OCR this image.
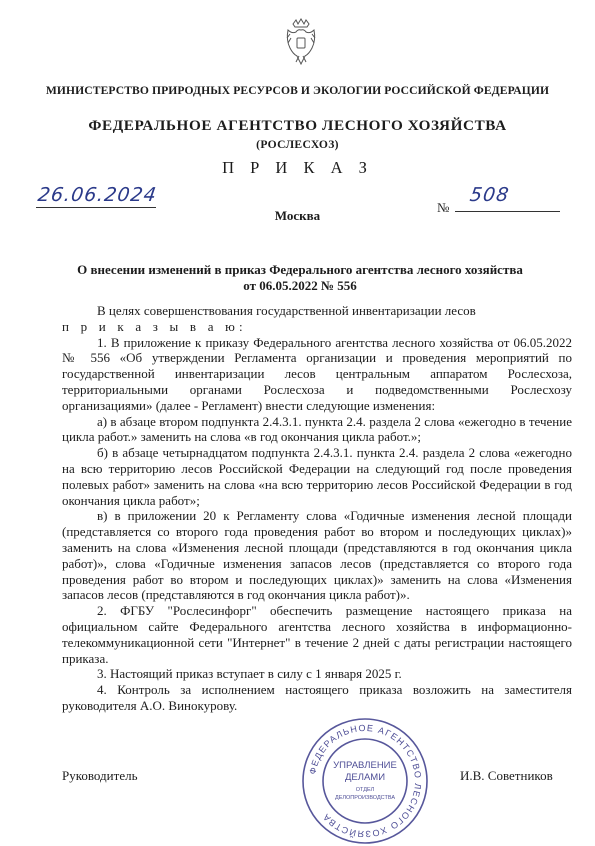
МИНИСТЕРСТВО ПРИРОДНЫХ РЕСУРСОВ И ЭКОЛОГИИ РОССИЙСКОЙ ФЕДЕРАЦИИ
ФЕДЕРАЛЬНОЕ АГЕНТСТВО ЛЕСНОГО ХОЗЯЙСТВА
(РОСЛЕСХОЗ)
П Р И К А З
26.06.2024
Москва
№
508
О внесении изменений в приказ Федерального агентства лесного хозяйства
от 06.05.2022 № 556

В целях совершенствования государственной инвентаризации лесов

п р и к а з ы в а ю:

1. В приложение к приказу Федерального агентства лесного хозяйства от 06.05.2022 № 556 «Об утверждении Регламента организации и проведения мероприятий по государственной инвентаризации лесов центральным аппаратом Рослесхоза, территориальными органами Рослесхоза и подведомственными Рослесхозу организациями» (далее - Регламент) внести следующие изменения:

а) в абзаце втором подпункта 2.4.3.1. пункта 2.4. раздела 2 слова «ежегодно в течение цикла работ.» заменить на слова «в год окончания цикла работ.»;

б) в абзаце четырнадцатом подпункта 2.4.3.1. пункта 2.4. раздела 2 слова «ежегодно на всю территорию лесов Российской Федерации на следующий год после проведения полевых работ» заменить на слова «на всю территорию лесов Российской Федерации в год окончания цикла работ»;

в) в приложении 20 к Регламенту слова «Годичные изменения лесной площади (представляется со второго года проведения работ во втором и последующих циклах)» заменить на слова «Изменения лесной площади (представляются в год окончания цикла работ)», слова «Годичные изменения запасов лесов (представляется со второго года проведения работ во втором и последующих циклах)» заменить на слова «Изменения запасов лесов (представляются в год окончания цикла работ)».

2. ФГБУ "Рослесинфорг" обеспечить размещение настоящего приказа на официальном сайте Федерального агентства лесного хозяйства в информационно-телекоммуникационной сети "Интернет" в течение 2 дней с даты регистрации настоящего приказа.

3. Настоящий приказ вступает в силу с 1 января 2025 г.

4. Контроль за исполнением настоящего приказа возложить на заместителя руководителя А.О. Винокурову.

Руководитель	И.В. Советников
ФЕДЕРАЛЬНОЕ АГЕНТСТВО ЛЕСНОГО ХОЗЯЙСТВА
УПРАВЛЕНИЕ
ДЕЛАМИ
ОТДЕЛ
ДЕЛОПРОИЗВОДСТВА
